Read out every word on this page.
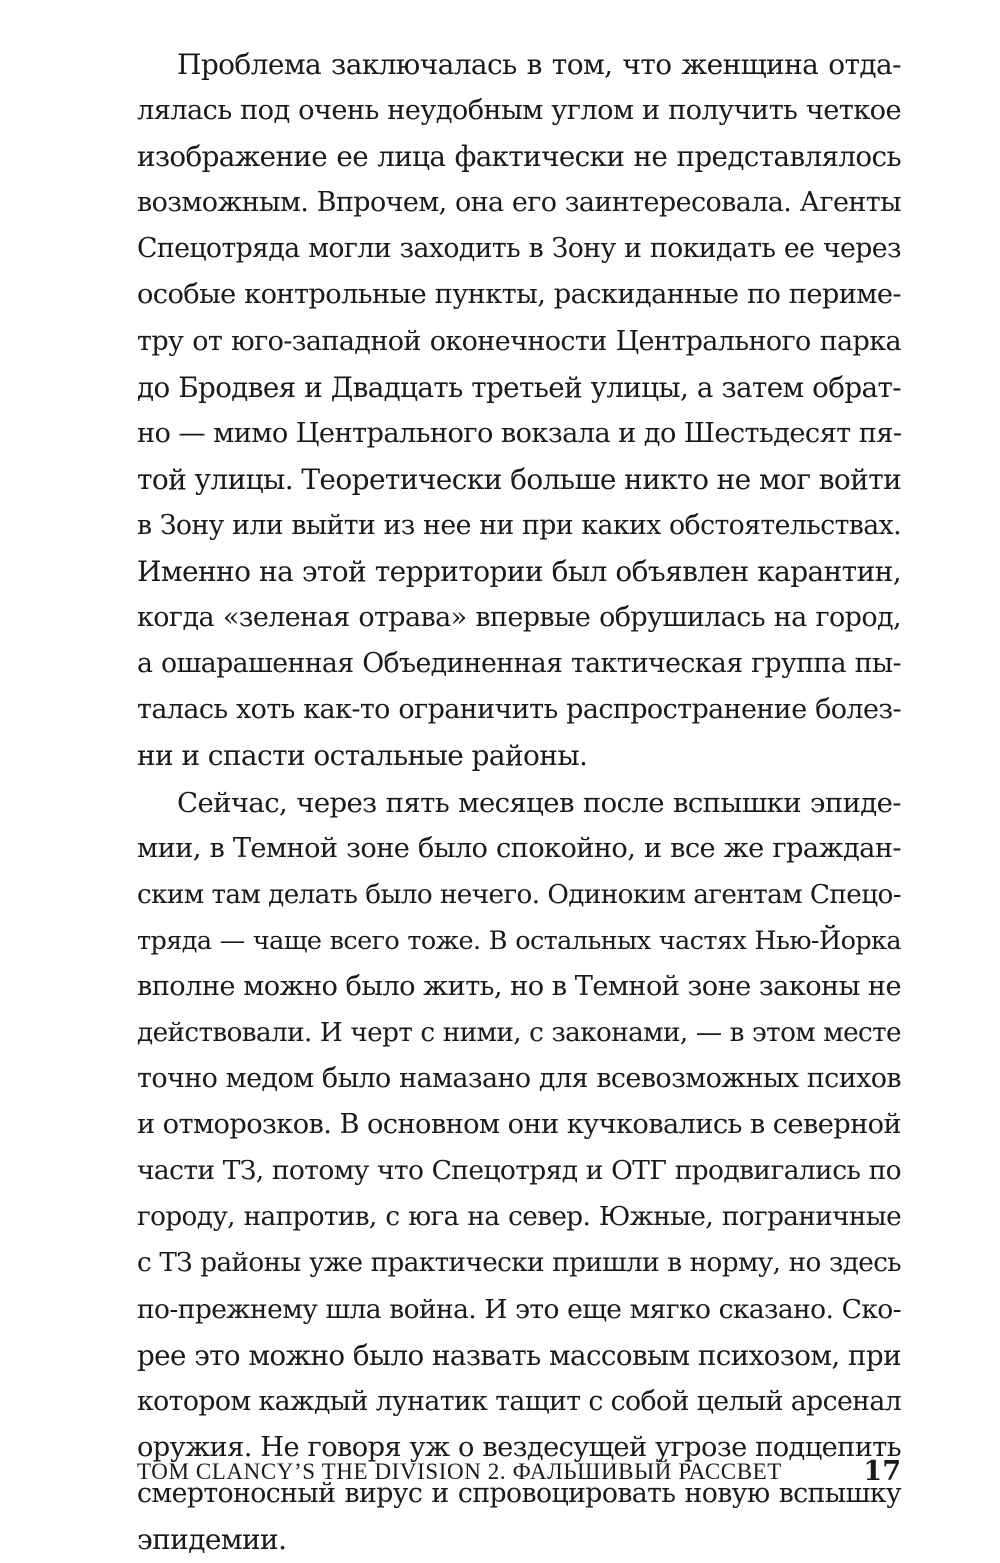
Проблема заключалась в том, что женщина отда-
лялась под очень неудобным углом и получить четкое
изображение ее лица фактически не представлялось
возможным. Впрочем, она его заинтересовала. Агенты
Спецотряда могли заходить в Зону и покидать ее через
особые контрольные пункты, раскиданные по периме-
тру от юго-западной оконечности Центрального парка
до Бродвея и Двадцать третьей улицы, а затем обрат-
но — мимо Центрального вокзала и до Шестьдесят пя-
той улицы. Теоретически больше никто не мог войти
в Зону или выйти из нее ни при каких обстоятельствах.
Именно на этой территории был объявлен карантин,
когда «зеленая отрава» впервые обрушилась на город,
а ошарашенная Объединенная тактическая группа пы-
талась хоть как-то ограничить распространение болез-
ни и спасти остальные районы.
Сейчас, через пять месяцев после вспышки эпиде-
мии, в Темной зоне было спокойно, и все же граждан-
ским там делать было нечего. Одиноким агентам Спецо-
тряда — чаще всего тоже. В остальных частях Нью-Йорка
вполне можно было жить, но в Темной зоне законы не
действовали. И черт с ними, с законами, — в этом месте
точно медом было намазано для всевозможных психов
и отморозков. В основном они кучковались в северной
части ТЗ, потому что Спецотряд и ОТГ продвигались по
городу, напротив, с юга на север. Южные, пограничные
с ТЗ районы уже практически пришли в норму, но здесь
по-прежнему шла война. И это еще мягко сказано. Ско-
рее это можно было назвать массовым психозом, при
котором каждый лунатик тащит с собой целый арсенал
оружия. Не говоря уж о вездесущей угрозе подцепить
смертоносный вирус и спровоцировать новую вспышку
эпидемии.
TOM CLANCY’S THE DIVISION 2. ФАЛЬШИВЫЙ РАССВЕТ	17
